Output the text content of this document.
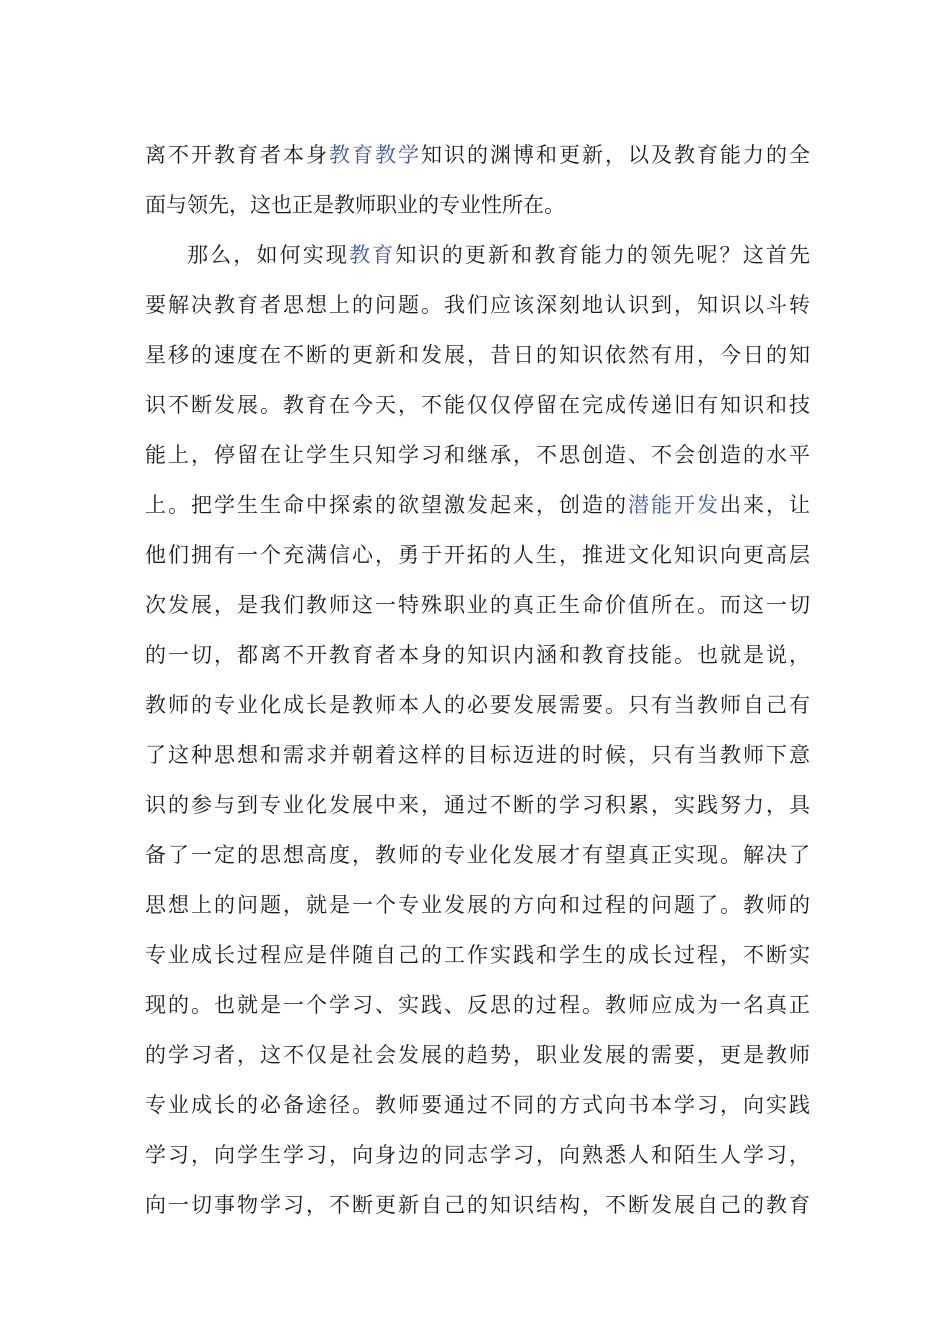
离不开教育者本身教育教学知识的渊博和更新，以及教育能力的全
面与领先，这也正是教师职业的专业性所在。
那么，如何实现教育知识的更新和教育能力的领先呢？这首先
要解决教育者思想上的问题。我们应该深刻地认识到，知识以斗转
星移的速度在不断的更新和发展，昔日的知识依然有用，今日的知
识不断发展。教育在今天，不能仅仅停留在完成传递旧有知识和技
能上，停留在让学生只知学习和继承，不思创造、不会创造的水平
上。把学生生命中探索的欲望激发起来，创造的潜能开发出来，让
他们拥有一个充满信心，勇于开拓的人生，推进文化知识向更高层
次发展，是我们教师这一特殊职业的真正生命价值所在。而这一切
的一切，都离不开教育者本身的知识内涵和教育技能。也就是说，
教师的专业化成长是教师本人的必要发展需要。只有当教师自己有
了这种思想和需求并朝着这样的目标迈进的时候，只有当教师下意
识的参与到专业化发展中来，通过不断的学习积累，实践努力，具
备了一定的思想高度，教师的专业化发展才有望真正实现。解决了
思想上的问题，就是一个专业发展的方向和过程的问题了。教师的
专业成长过程应是伴随自己的工作实践和学生的成长过程，不断实
现的。也就是一个学习、实践、反思的过程。教师应成为一名真正
的学习者，这不仅是社会发展的趋势，职业发展的需要，更是教师
专业成长的必备途径。教师要通过不同的方式向书本学习，向实践
学习，向学生学习，向身边的同志学习，向熟悉人和陌生人学习，
向一切事物学习，不断更新自己的知识结构，不断发展自己的教育
